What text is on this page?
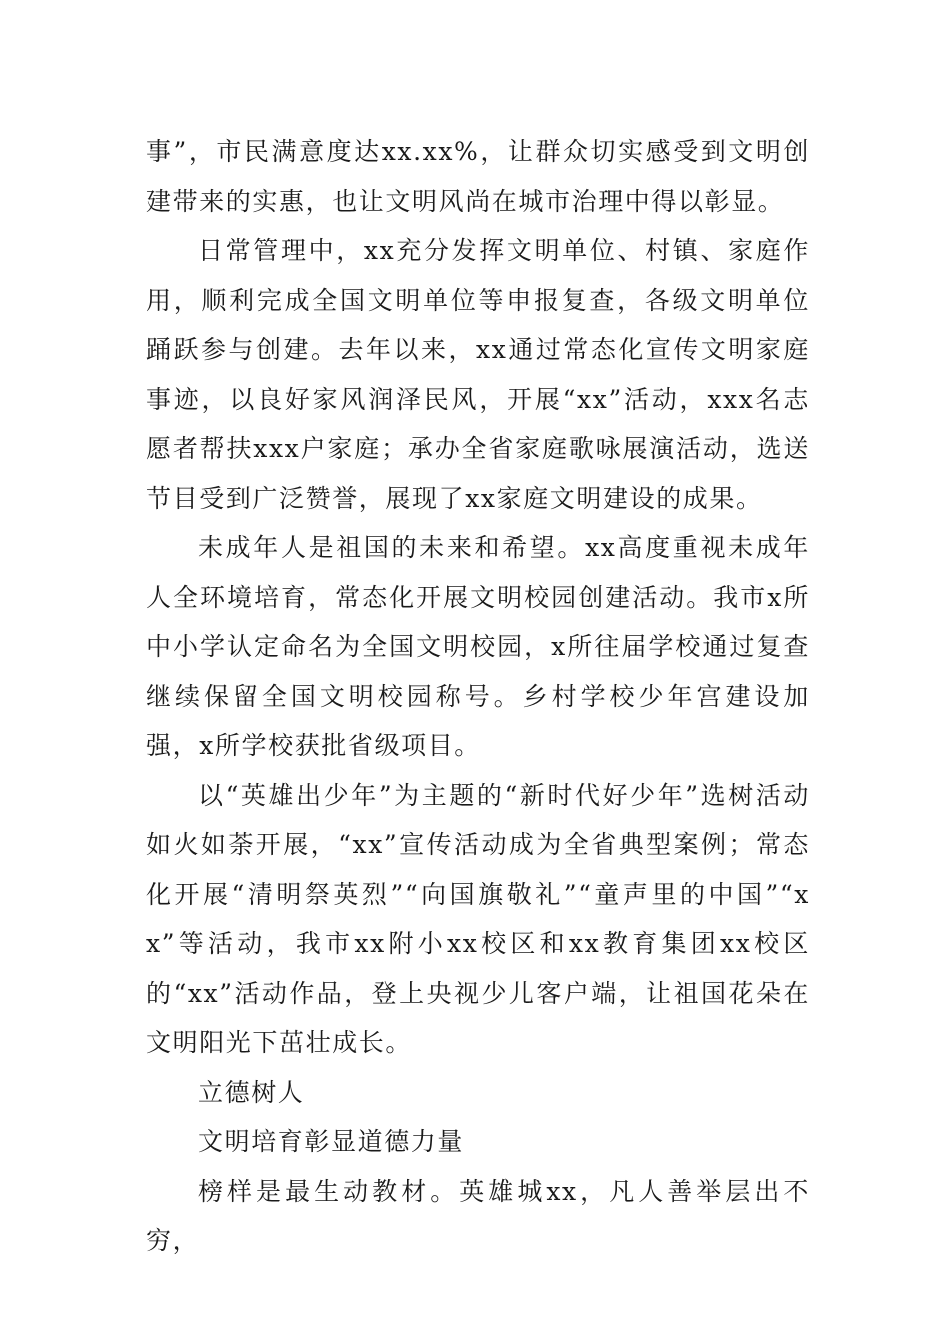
事”，市民满意度达xx.xx%，让群众切实感受到文明创建带来的实惠，也让文明风尚在城市治理中得以彰显。

日常管理中，xx充分发挥文明单位、村镇、家庭作用，顺利完成全国文明单位等申报复查，各级文明单位踊跃参与创建。去年以来，xx通过常态化宣传文明家庭事迹，以良好家风润泽民风，开展“xx”活动，xxx名志愿者帮扶xxx户家庭；承办全省家庭歌咏展演活动，选送节目受到广泛赞誉，展现了xx家庭文明建设的成果。

未成年人是祖国的未来和希望。xx高度重视未成年人全环境培育，常态化开展文明校园创建活动。我市x所中小学认定命名为全国文明校园，x所往届学校通过复查继续保留全国文明校园称号。乡村学校少年宫建设加强，x所学校获批省级项目。

以“英雄出少年”为主题的“新时代好少年”选树活动如火如荼开展，“xx”宣传活动成为全省典型案例；常态化开展“清明祭英烈”“向国旗敬礼”“童声里的中国”“xx”等活动，我市xx附小xx校区和xx教育集团xx校区的“xx”活动作品，登上央视少儿客户端，让祖国花朵在文明阳光下茁壮成长。

立德树人

文明培育彰显道德力量

榜样是最生动教材。英雄城xx，凡人善举层出不穷，
